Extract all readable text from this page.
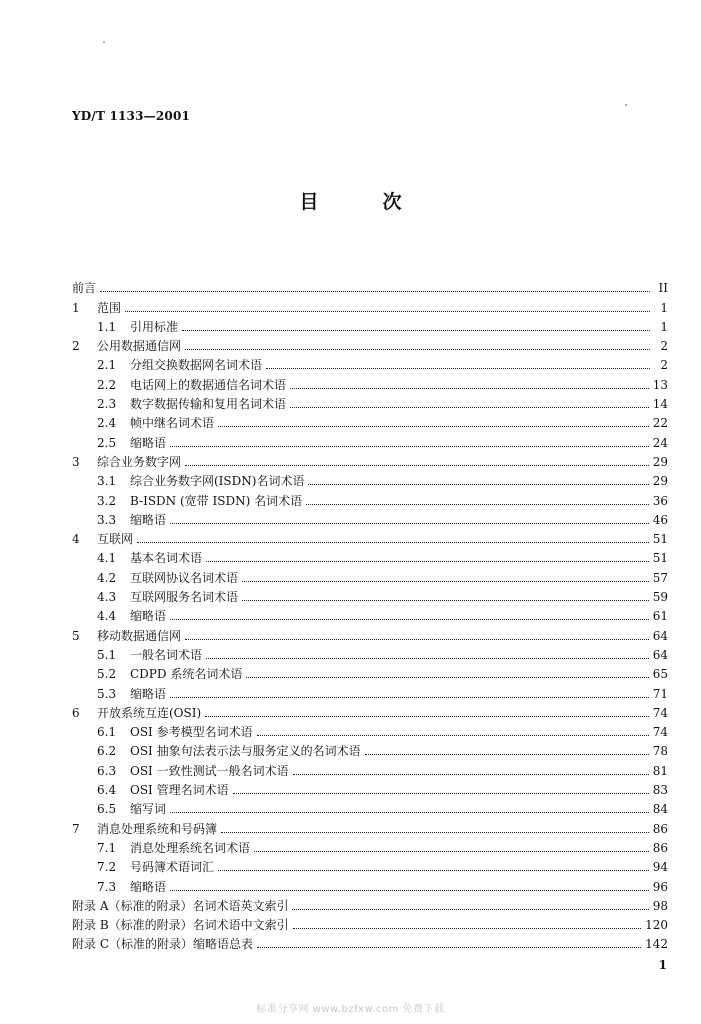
YD/T 1133—2001
目	次
前言	II
1	范围	1
1.1	引用标准	1
2	公用数据通信网	2
2.1	分组交换数据网名词术语	2
2.2	电话网上的数据通信名词术语	13
2.3	数字数据传输和复用名词术语	14
2.4	帧中继名词术语	22
2.5	缩略语	24
3	综合业务数字网	29
3.1	综合业务数字网(ISDN)名词术语	29
3.2	B-ISDN (宽带 ISDN) 名词术语	36
3.3	缩略语	46
4	互联网	51
4.1	基本名词术语	51
4.2	互联网协议名词术语	57
4.3	互联网服务名词术语	59
4.4	缩略语	61
5	移动数据通信网	64
5.1	一般名词术语	64
5.2	CDPD 系统名词术语	65
5.3	缩略语	71
6	开放系统互连(OSI)	74
6.1	OSI 参考模型名词术语	74
6.2	OSI 抽象句法表示法与服务定义的名词术语	78
6.3	OSI 一致性测试一般名词术语	81
6.4	OSI 管理名词术语	83
6.5	缩写词	84
7	消息处理系统和号码簿	86
7.1	消息处理系统名词术语	86
7.2	号码簿术语词汇	94
7.3	缩略语	96
附录 A（标准的附录）名词术语英文索引	98
附录 B（标准的附录）名词术语中文索引	120
附录 C（标准的附录）缩略语总表	142
1
标准分享网 www.bzfxw.com 免费下载
